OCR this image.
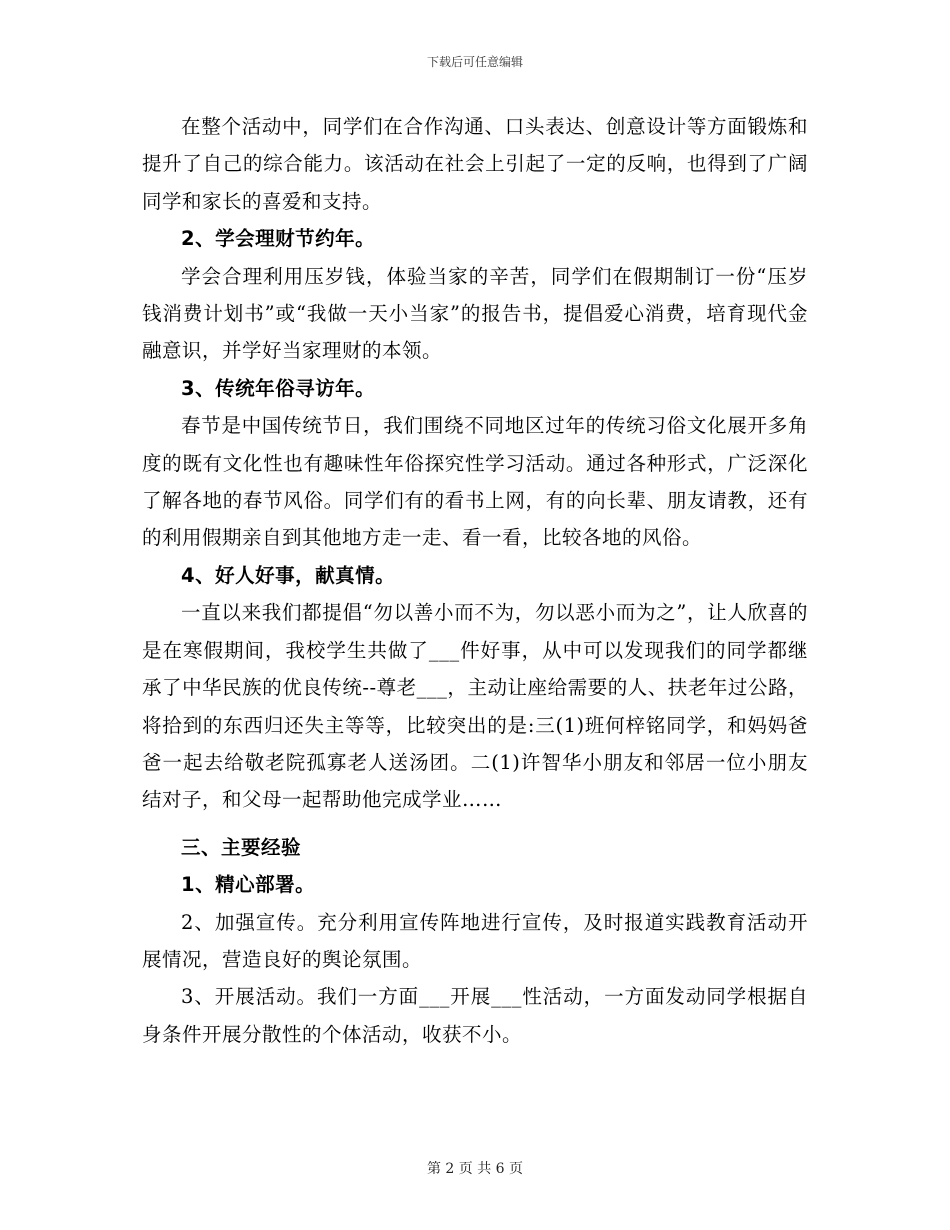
下载后可任意编辑

在整个活动中，同学们在合作沟通、口头表达、创意设计等方面锻炼和提升了自己的综合能力。该活动在社会上引起了一定的反响，也得到了广阔同学和家长的喜爱和支持。

2、学会理财节约年。

学会合理利用压岁钱，体验当家的辛苦，同学们在假期制订一份“压岁钱消费计划书”或“我做一天小当家”的报告书，提倡爱心消费，培育现代金融意识，并学好当家理财的本领。

3、传统年俗寻访年。

春节是中国传统节日，我们围绕不同地区过年的传统习俗文化展开多角度的既有文化性也有趣味性年俗探究性学习活动。通过各种形式，广泛深化了解各地的春节风俗。同学们有的看书上网，有的向长辈、朋友请教，还有的利用假期亲自到其他地方走一走、看一看，比较各地的风俗。

4、好人好事，献真情。

一直以来我们都提倡“勿以善小而不为，勿以恶小而为之”，让人欣喜的是在寒假期间，我校学生共做了___件好事，从中可以发现我们的同学都继承了中华民族的优良传统--尊老___，主动让座给需要的人、扶老年过公路，将拾到的东西归还失主等等，比较突出的是:三(1)班何梓铭同学，和妈妈爸爸一起去给敬老院孤寡老人送汤团。二(1)许智华小朋友和邻居一位小朋友结对子，和父母一起帮助他完成学业……

三、主要经验

1、精心部署。

2、加强宣传。充分利用宣传阵地进行宣传，及时报道实践教育活动开展情况，营造良好的舆论氛围。

3、开展活动。我们一方面___开展___性活动，一方面发动同学根据自身条件开展分散性的个体活动，收获不小。

第 2 页 共 6 页
